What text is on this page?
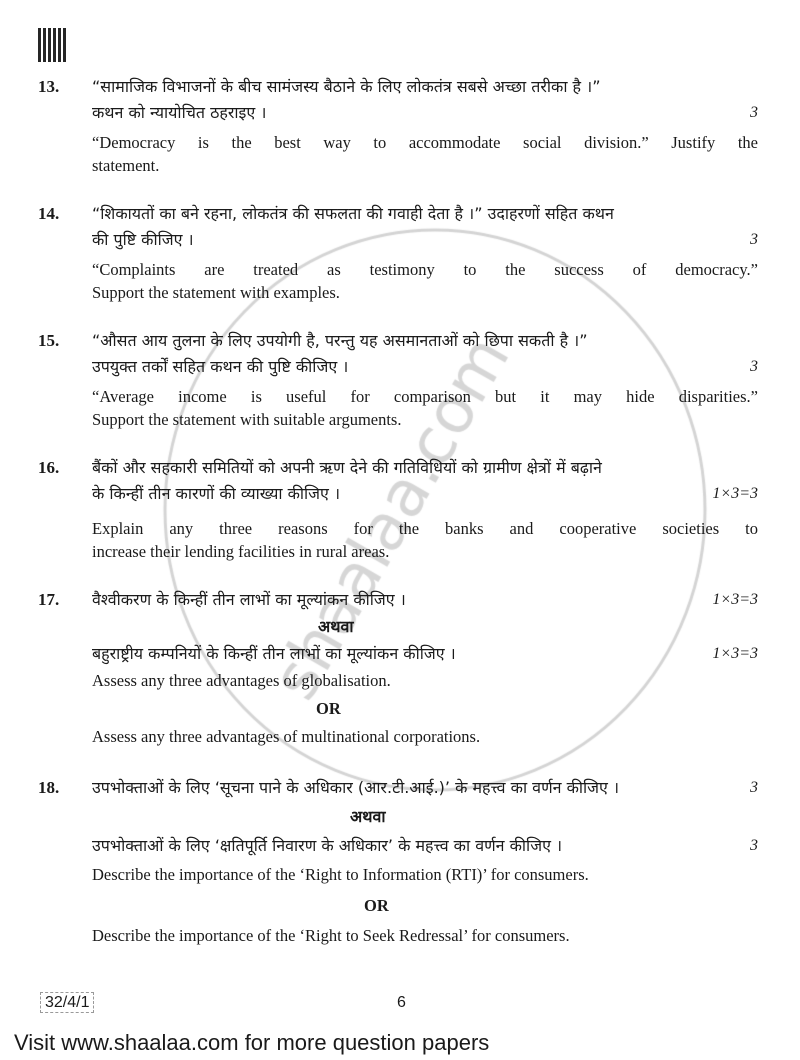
13. “सामाजिक विभाजनों के बीच सामंजस्य बैठाने के लिए लोकतंत्र सबसे अच्छा तरीका है ।”
कथन को न्यायोचित ठहराइए ।	3
“Democracy is the best way to accommodate social division.” Justify the
statement.
14. “शिकायतों का बने रहना, लोकतंत्र की सफलता की गवाही देता है ।” उदाहरणों सहित कथन
की पुष्टि कीजिए ।	3
“Complaints are treated as testimony to the success of democracy.”
Support the statement with examples.
15. “औसत आय तुलना के लिए उपयोगी है, परन्तु यह असमानताओं को छिपा सकती है ।”
उपयुक्त तर्कों सहित कथन की पुष्टि कीजिए ।	3
“Average income is useful for comparison but it may hide disparities.”
Support the statement with suitable arguments.
16. बैंकों और सहकारी समितियों को अपनी ऋण देने की गतिविधियों को ग्रामीण क्षेत्रों में बढ़ाने
के किन्हीं तीन कारणों की व्याख्या कीजिए ।	1×3=3
Explain any three reasons for the banks and cooperative societies to
increase their lending facilities in rural areas.
17. वैश्वीकरण के किन्हीं तीन लाभों का मूल्यांकन कीजिए ।	1×3=3
अथवा
बहुराष्ट्रीय कम्पनियों के किन्हीं तीन लाभों का मूल्यांकन कीजिए ।	1×3=3
Assess any three advantages of globalisation.
OR
Assess any three advantages of multinational corporations.
18. उपभोक्ताओं के लिए ‘सूचना पाने के अधिकार (आर.टी.आई.)’ के महत्त्व का वर्णन कीजिए ।	3
अथवा
उपभोक्ताओं के लिए ‘क्षतिपूर्ति निवारण के अधिकार’ के महत्त्व का वर्णन कीजिए ।	3
Describe the importance of the ‘Right to Information (RTI)’ for consumers.
OR
Describe the importance of the ‘Right to Seek Redressal’ for consumers.
32/4/1	6
Visit www.shaalaa.com for more question papers
